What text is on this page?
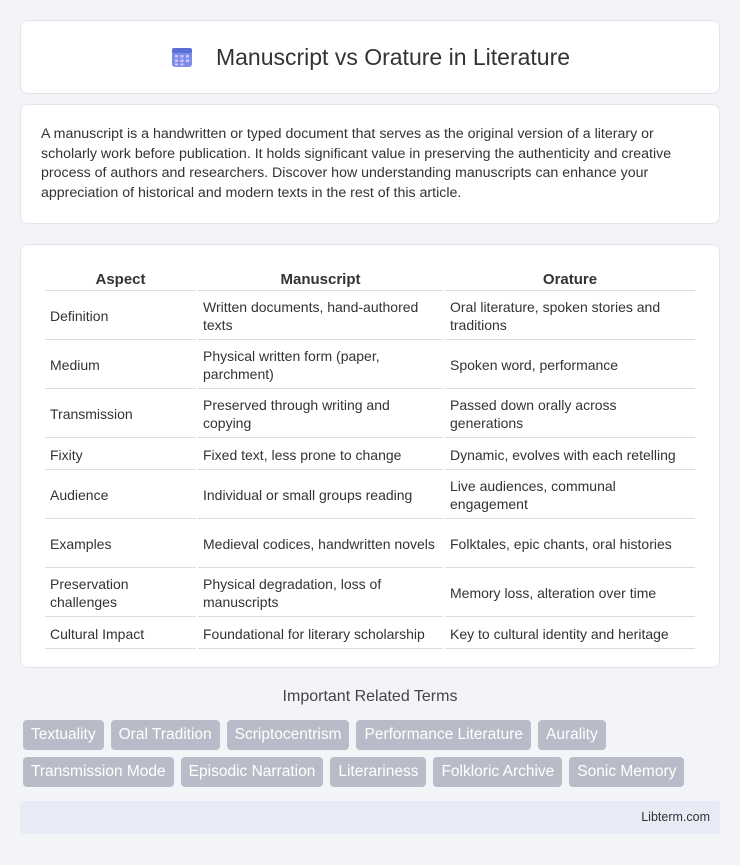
Manuscript vs Orature in Literature

A manuscript is a handwritten or typed document that serves as the original version of a literary or scholarly work before publication. It holds significant value in preserving the authenticity and creative process of authors and researchers. Discover how understanding manuscripts can enhance your appreciation of historical and modern texts in the rest of this article.

Aspect	Manuscript	Orature
Definition	Written documents, hand-authored texts	Oral literature, spoken stories and traditions
Medium	Physical written form (paper, parchment)	Spoken word, performance
Transmission	Preserved through writing and copying	Passed down orally across generations
Fixity	Fixed text, less prone to change	Dynamic, evolves with each retelling
Audience	Individual or small groups reading	Live audiences, communal engagement
Examples	Medieval codices, handwritten novels	Folktales, epic chants, oral histories
Preservation challenges	Physical degradation, loss of manuscripts	Memory loss, alteration over time
Cultural Impact	Foundational for literary scholarship	Key to cultural identity and heritage
Important Related Terms
Textuality	Oral Tradition	Scriptocentrism	Performance Literature	Aurality
Transmission Mode	Episodic Narration	Literariness	Folkloric Archive	Sonic Memory
Libterm.com
